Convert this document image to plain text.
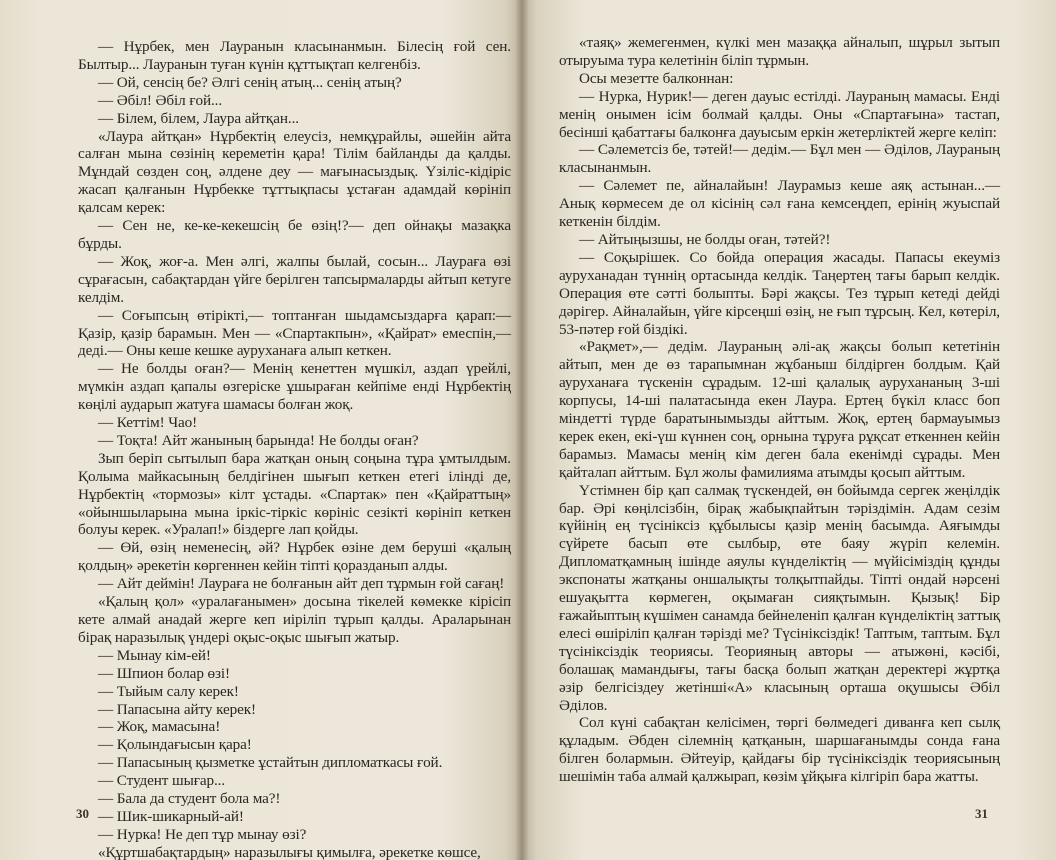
— Нұрбек, мен Лауранын класынанмын. Білесің ғой сен. Былтыр... Лауранын туған күнін құттықтап келгенбіз.

— Ой, сенсің бе? Әлгі сенің атың... сенің атың?

— Әбіл! Әбіл ғой...

— Білем, білем, Лаура айтқан...

«Лаура айтқан» Нұрбектің елеусіз, немқұрайлы, әшейін айта салған мына сөзінің кереметін қара! Тілім байланды да қалды. Мұндай сөзден соң, әлдене деу — мағынасыздық. Үзіліс-кідіріс жасап қалғанын Нұрбекке тұттықпасы ұстаған адамдай көрініп қалсам керек:

— Сен не, ке-ке-кекешсің бе өзің!?— деп ойнақы мазақка бұрды.

— Жоқ, жоғ-а. Мен әлгі, жалпы былай, сосын... Лаураға өзі сұрағасын, сабақтардан үйге берілген тапсырмаларды айтып кетуге келдім.

— Соғыпсың өтірікті,— топтанған шыдамсыздарға қарап:— Қазір, қазір барамын. Мен — «Спартакпын», «Қайрат» емеспін,— деді.— Оны кеше кешке ауруханаға алып кеткен.

— Не болды оған?— Менің кенеттен мүшкіл, аздап үрейлі, мүмкін аздап қапалы өзгеріске ұшыраған кейпіме енді Нұрбектің көңілі аударып жатуға шамасы болған жоқ.

— Кеттім! Чао!

— Тоқта! Айт жанының барында! Не болды оған?

Зып беріп сытылып бара жатқан оның соңына тұра ұмтылдым. Қолыма майкасының белдігінен шығып кеткен етегі ілінді де, Нұрбектің «тормозы» кілт ұстады. «Спартак» пен «Қайраттың» «ойыншыларына мына іркіс-тіркіс көрініс сезікті көрініп кеткен болуы керек. «Уралап!» біздерге лап қойды.

— Өй, өзің неменесің, әй? Нұрбек өзіне дем беруші «қалың қолдың» әрекетін көргеннен кейін тіпті қоразданып алды.

— Айт деймін! Лаураға не болғанын айт деп тұрмын ғой сағаң!

«Қалың қол» «уралағанымен» досына тікелей көмекке кірісіп кете алмай анадай жерге кеп иіріліп тұрып қалды. Араларынан бірақ наразылық үндері оқыс-оқыс шығып жатыр.

— Мынау кім-ей!

— Шпион болар өзі!

— Тыйым салу керек!

— Папасына айту керек!

— Жоқ, мамасына!

— Қолындағысын қара!

— Папасының қызметке ұстайтын дипломаткасы ғой.

— Студент шығар...

— Бала да студент бола ма?!

— Шик-шикарный-ай!

— Нурка! Не деп тұр мынау өзі?

«Құртшабақтардың» наразылығы қимылға, әрекетке көшсе,

30

«таяқ» жемегенмен, күлкі мен мазаққа айналып, шұрыл зытып отыруыма тура келетінін біліп тұрмын.

Осы мезетте балконнан:

— Нурка, Нурик!— деген дауыс естілді. Лаураның мамасы. Енді менің онымен ісім болмай қалды. Оны «Спартағына» тастап, бесінші қабаттағы балконға дауысым еркін жетерліктей жерге келіп:

— Сәлеметсіз бе, тәтей!— дедім.— Бұл мен — Әділов, Лаураның класынанмын.

— Сәлемет пе, айналайын! Лаурамыз кеше аяқ астынан...— Анық көрмесем де ол кісінің сәл ғана кемсеңдеп, ерінің жуыспай кеткенін білдім.

— Айтыңызшы, не болды оған, тәтей?!

— Соқырішек. Со бойда операция жасады. Папасы екеуміз ауруханадан түннің ортасында келдік. Таңертең тағы барып келдік. Операция өте сәтті болыпты. Бәрі жақсы. Тез тұрып кетеді дейді дәрігер. Айналайын, үйге кірсеңші өзің, не ғып тұрсың. Кел, көтеріл, 53-пәтер ғой біздікі.

«Рақмет»,— дедім. Лаураның әлі-ақ жақсы болып кететінін айтып, мен де өз тарапымнан жұбаныш білдірген болдым. Қай ауруханаға түскенін сұрадым. 12-ші қалалық аурухананың 3-ші корпусы, 14-ші палатасында екен Лаура. Ертең бүкіл класс боп міндетті түрде баратынымызды айттым. Жоқ, ертең бармауымыз керек екен, екі-үш күннен соң, орнына тұруға рұқсат еткеннен кейін барамыз. Мамасы менің кім деген бала екенімді сұрады. Мен қайталап айттым. Бұл жолы фамилиямa атымды қосып айттым.

Үстімнен бір қап салмақ түскендей, өн бойымда сергек жеңілдік бар. Әрі көңілсізбін, бірақ жабықпайтын тәріздімін. Адам сезім күйінің ең түсініксіз құбылысы қазір менің басымда. Аяғымды сүйрете басып өте сылбыр, өте баяу жүріп келемін. Дипломатқамның ішінде аяулы күнделіктің — мүйісіміздің құнды экспонаты жатқаны оншалықты толқытпайды. Тіпті ондай нәрсені ешуақытта көрмеген, оқымаған сияқтымын. Қызық! Бір ғажайыптың күшімен санамда бейнеленіп қалған күнделіктің заттық елесі өшіріліп қалған тәрізді ме? Түсініксіздік! Таптым, таптым. Бұл түсініксіздік теориясы. Теорияның авторы — атыжөні, кәсібі, болашақ мамандығы, тағы басқа болып жатқан деректері жұртқа әзір белгісіздеу жетінші«А» класының орташа оқушысы Әбіл Әділов.

Сол күні сабақтан келісімен, төргі бөлмедегі диванға кеп сылқ құладым. Әбден сілемнің қатқанын, шаршағанымды сонда ғана білген болармын. Әйтеуір, қайдағы бір түсініксіздік теориясының шешімін таба алмай қалжырап, көзім ұйқыға кілгіріп бара жатты.

31
